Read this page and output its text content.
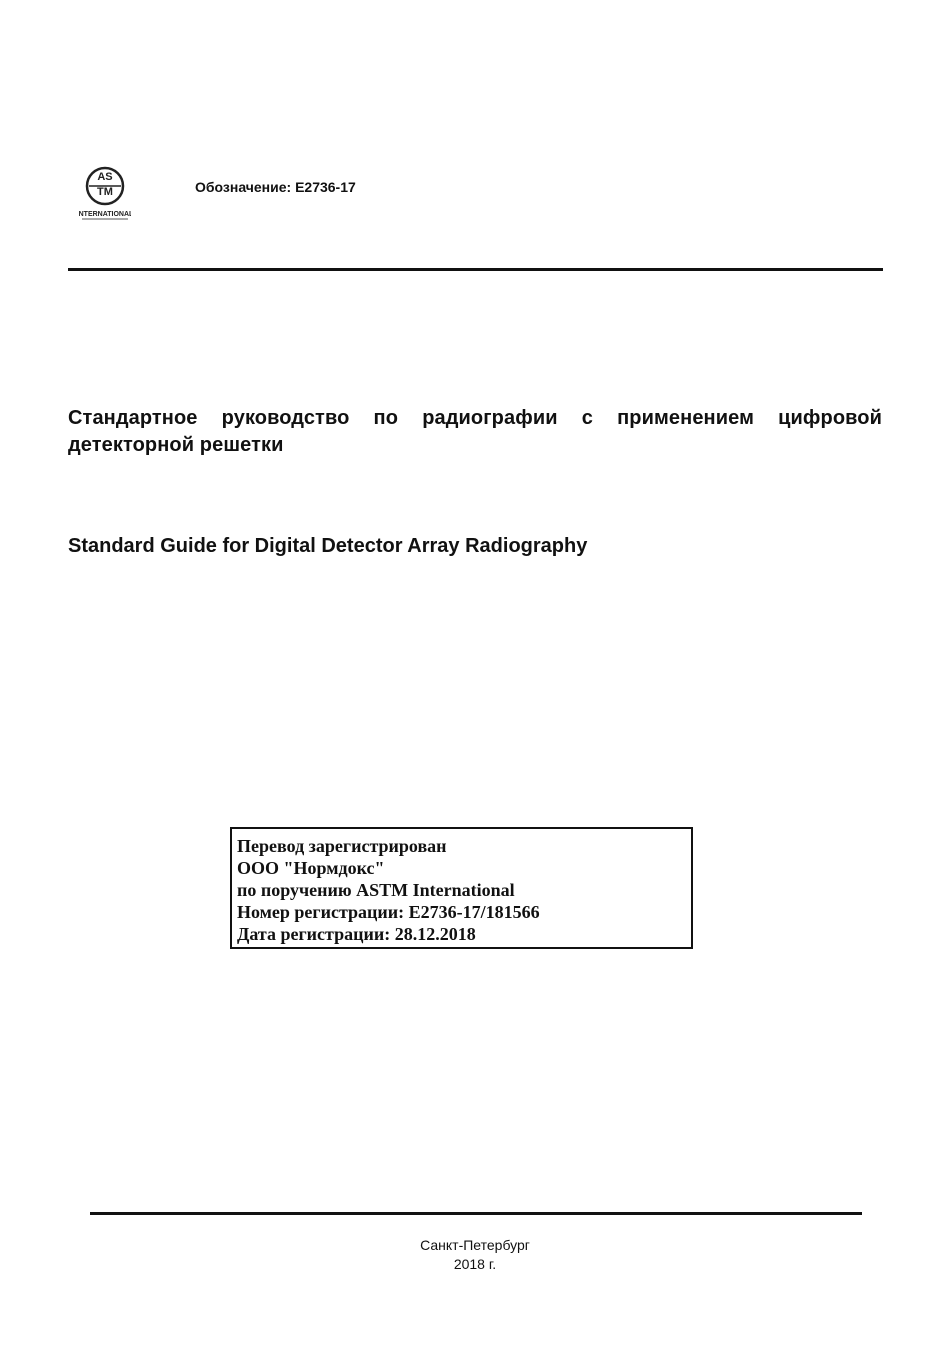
AS
TM
INTERNATIONAL
Обозначение: E2736-17
Стандартное руководство по радиографии с применением цифровой детекторной решетки
Standard Guide for Digital Detector Array Radiography
Перевод зарегистрирован
ООО "Нормдокс"
по поручению ASTM International
Номер регистрации: E2736-17/181566
Дата регистрации: 28.12.2018
Санкт-Петербург
2018 г.
